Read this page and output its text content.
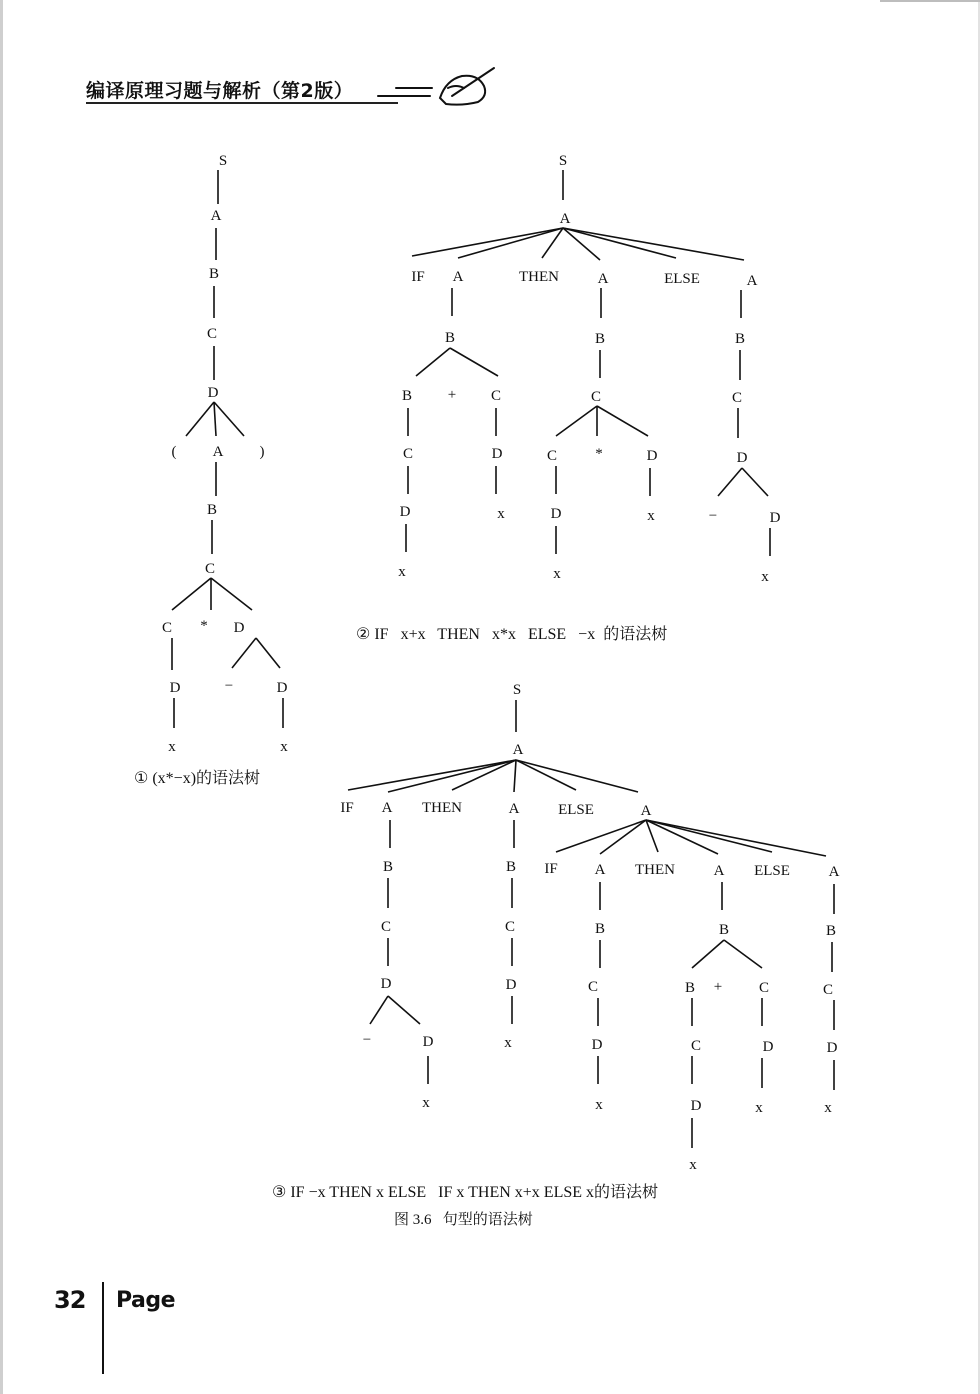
编译原理习题与解析（第2版）
S
A
B
C
D
( A )
B
C
C * D
D	−	D
x	x
S
A
IF A	THEN	A	ELSE	A
B
B + C
C	D
D	x
x
B
C
C	*	D
D	x
x
B
C
D
−	D
x
S
A
IF A THEN	A	ELSE	A
B
C
D
−	D
x
B
C
D
x
IF A THEN	A ELSE	A
B
C
D
x
B
B + C
C	D
D	x
x
B
C
D
x
① (x*−x)的语法树
② IF   x+x   THEN   x*x   ELSE   −x  的语法树
③ IF −x THEN x ELSE   IF x THEN x+x ELSE x的语法树
图 3.6   句型的语法树
32 Page
